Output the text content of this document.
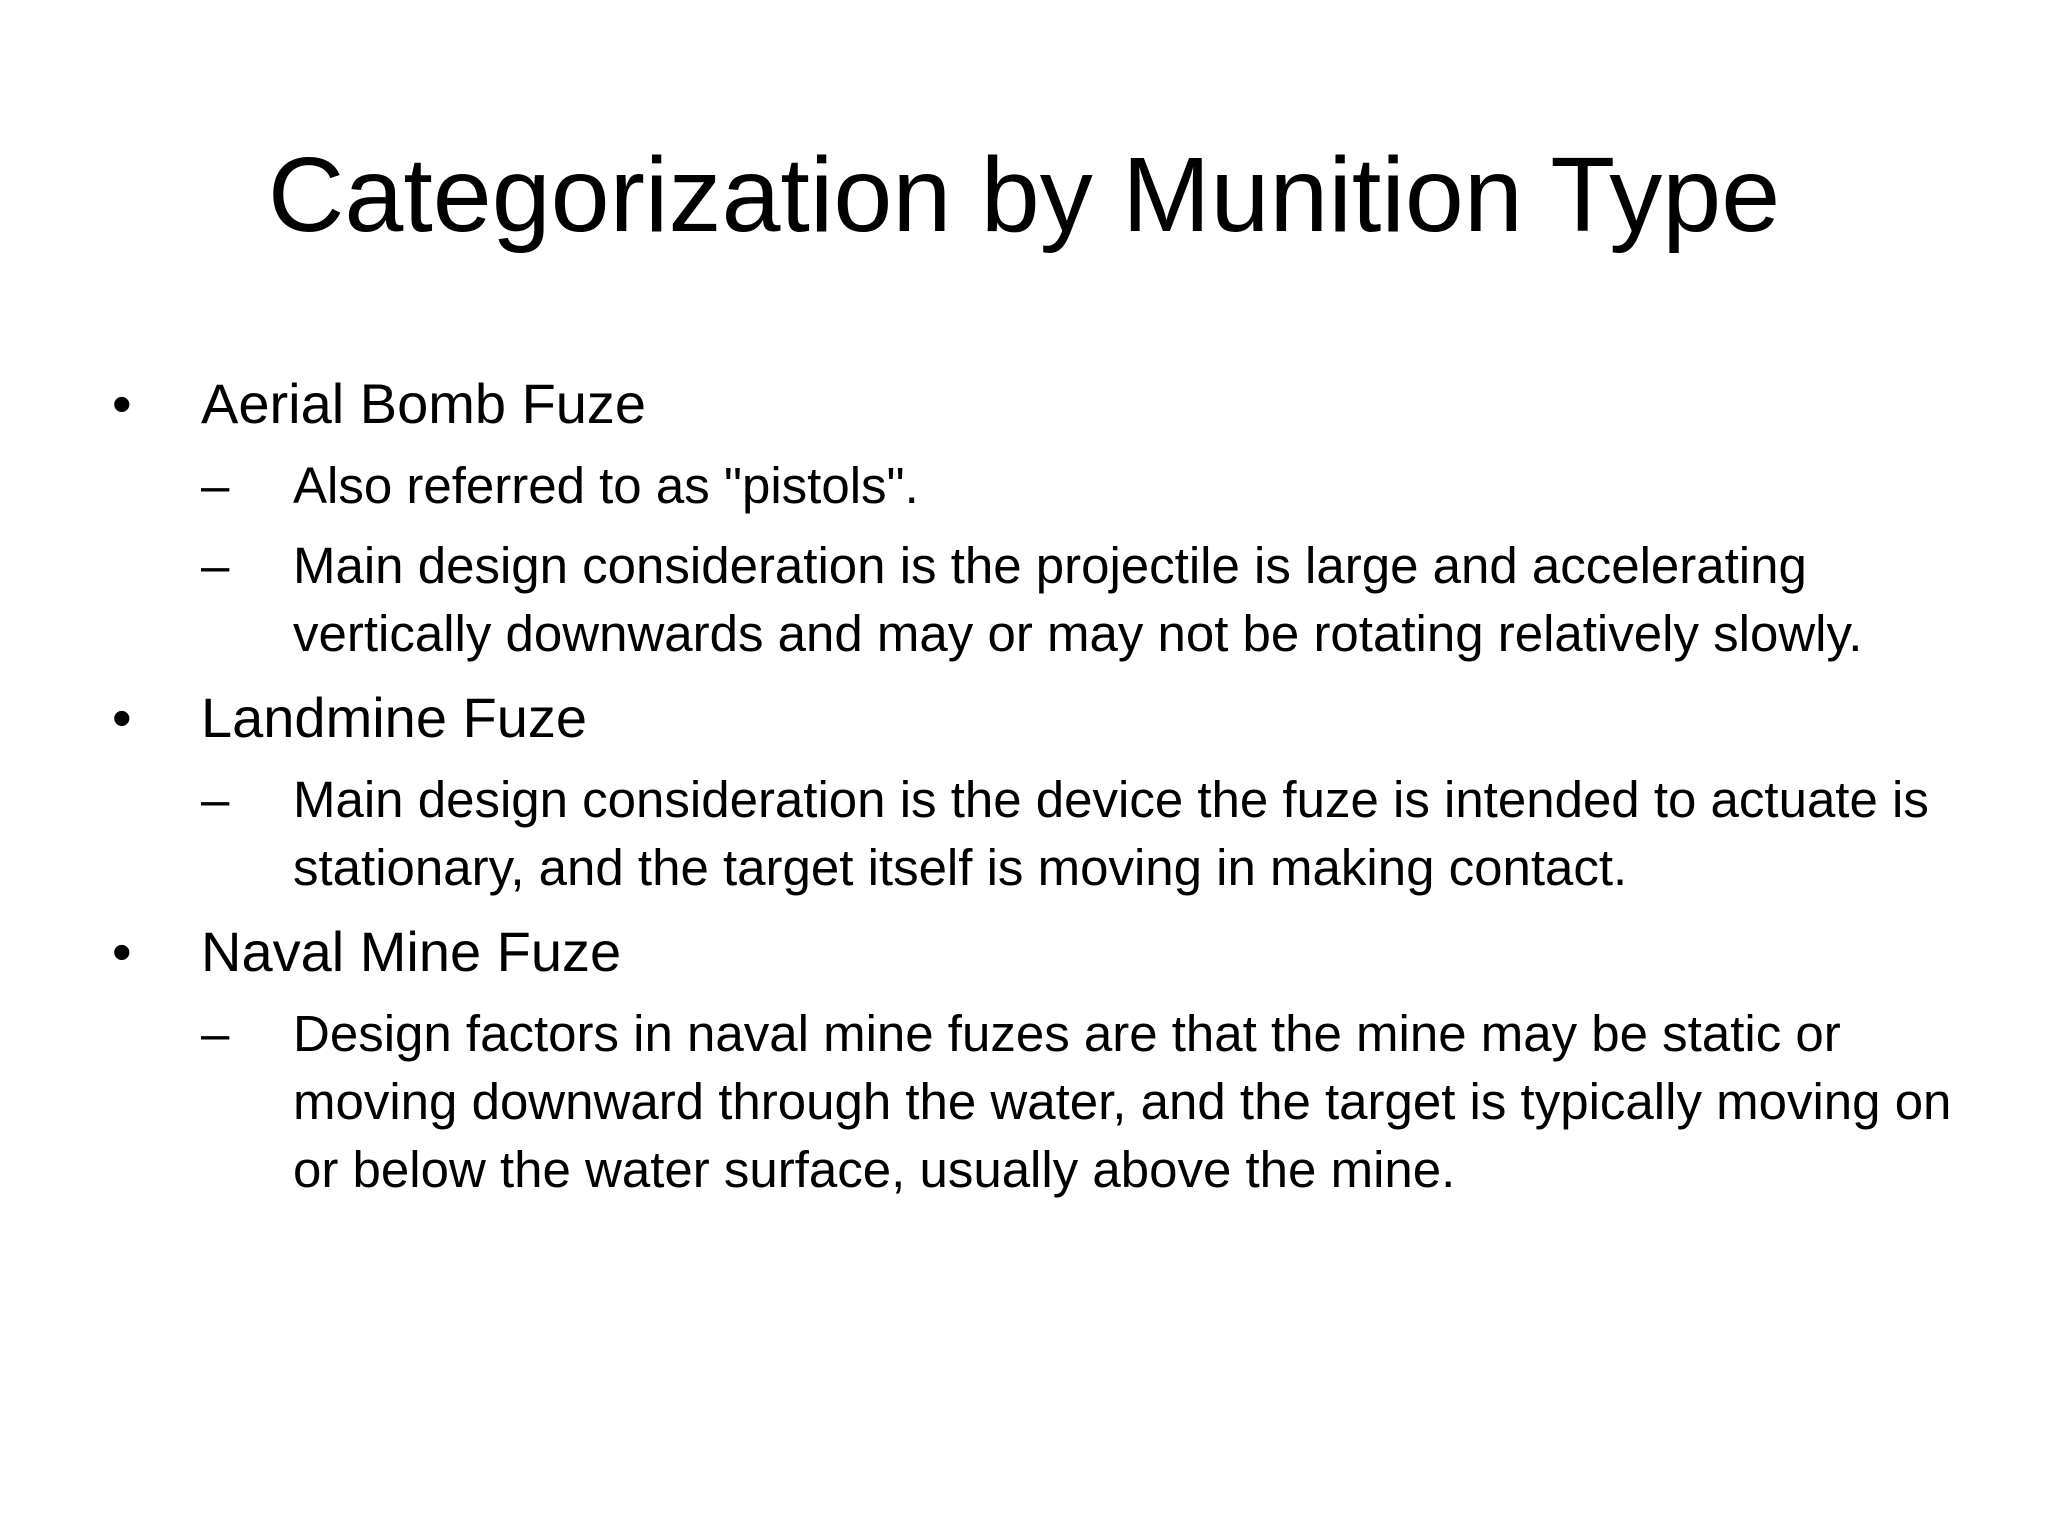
Categorization by Munition Type
•	Aerial Bomb Fuze
–	Also referred to as "pistols".
–	Main design consideration is the projectile is large and accelerating vertically downwards and may or may not be rotating relatively slowly.
•	Landmine Fuze
–	Main design consideration is the device the fuze is intended to actuate is stationary, and the target itself is moving in making contact.
•	Naval Mine Fuze
–	Design factors in naval mine fuzes are that the mine may be static or moving downward through the water, and the target is typically moving on or below the water surface, usually above the mine.
